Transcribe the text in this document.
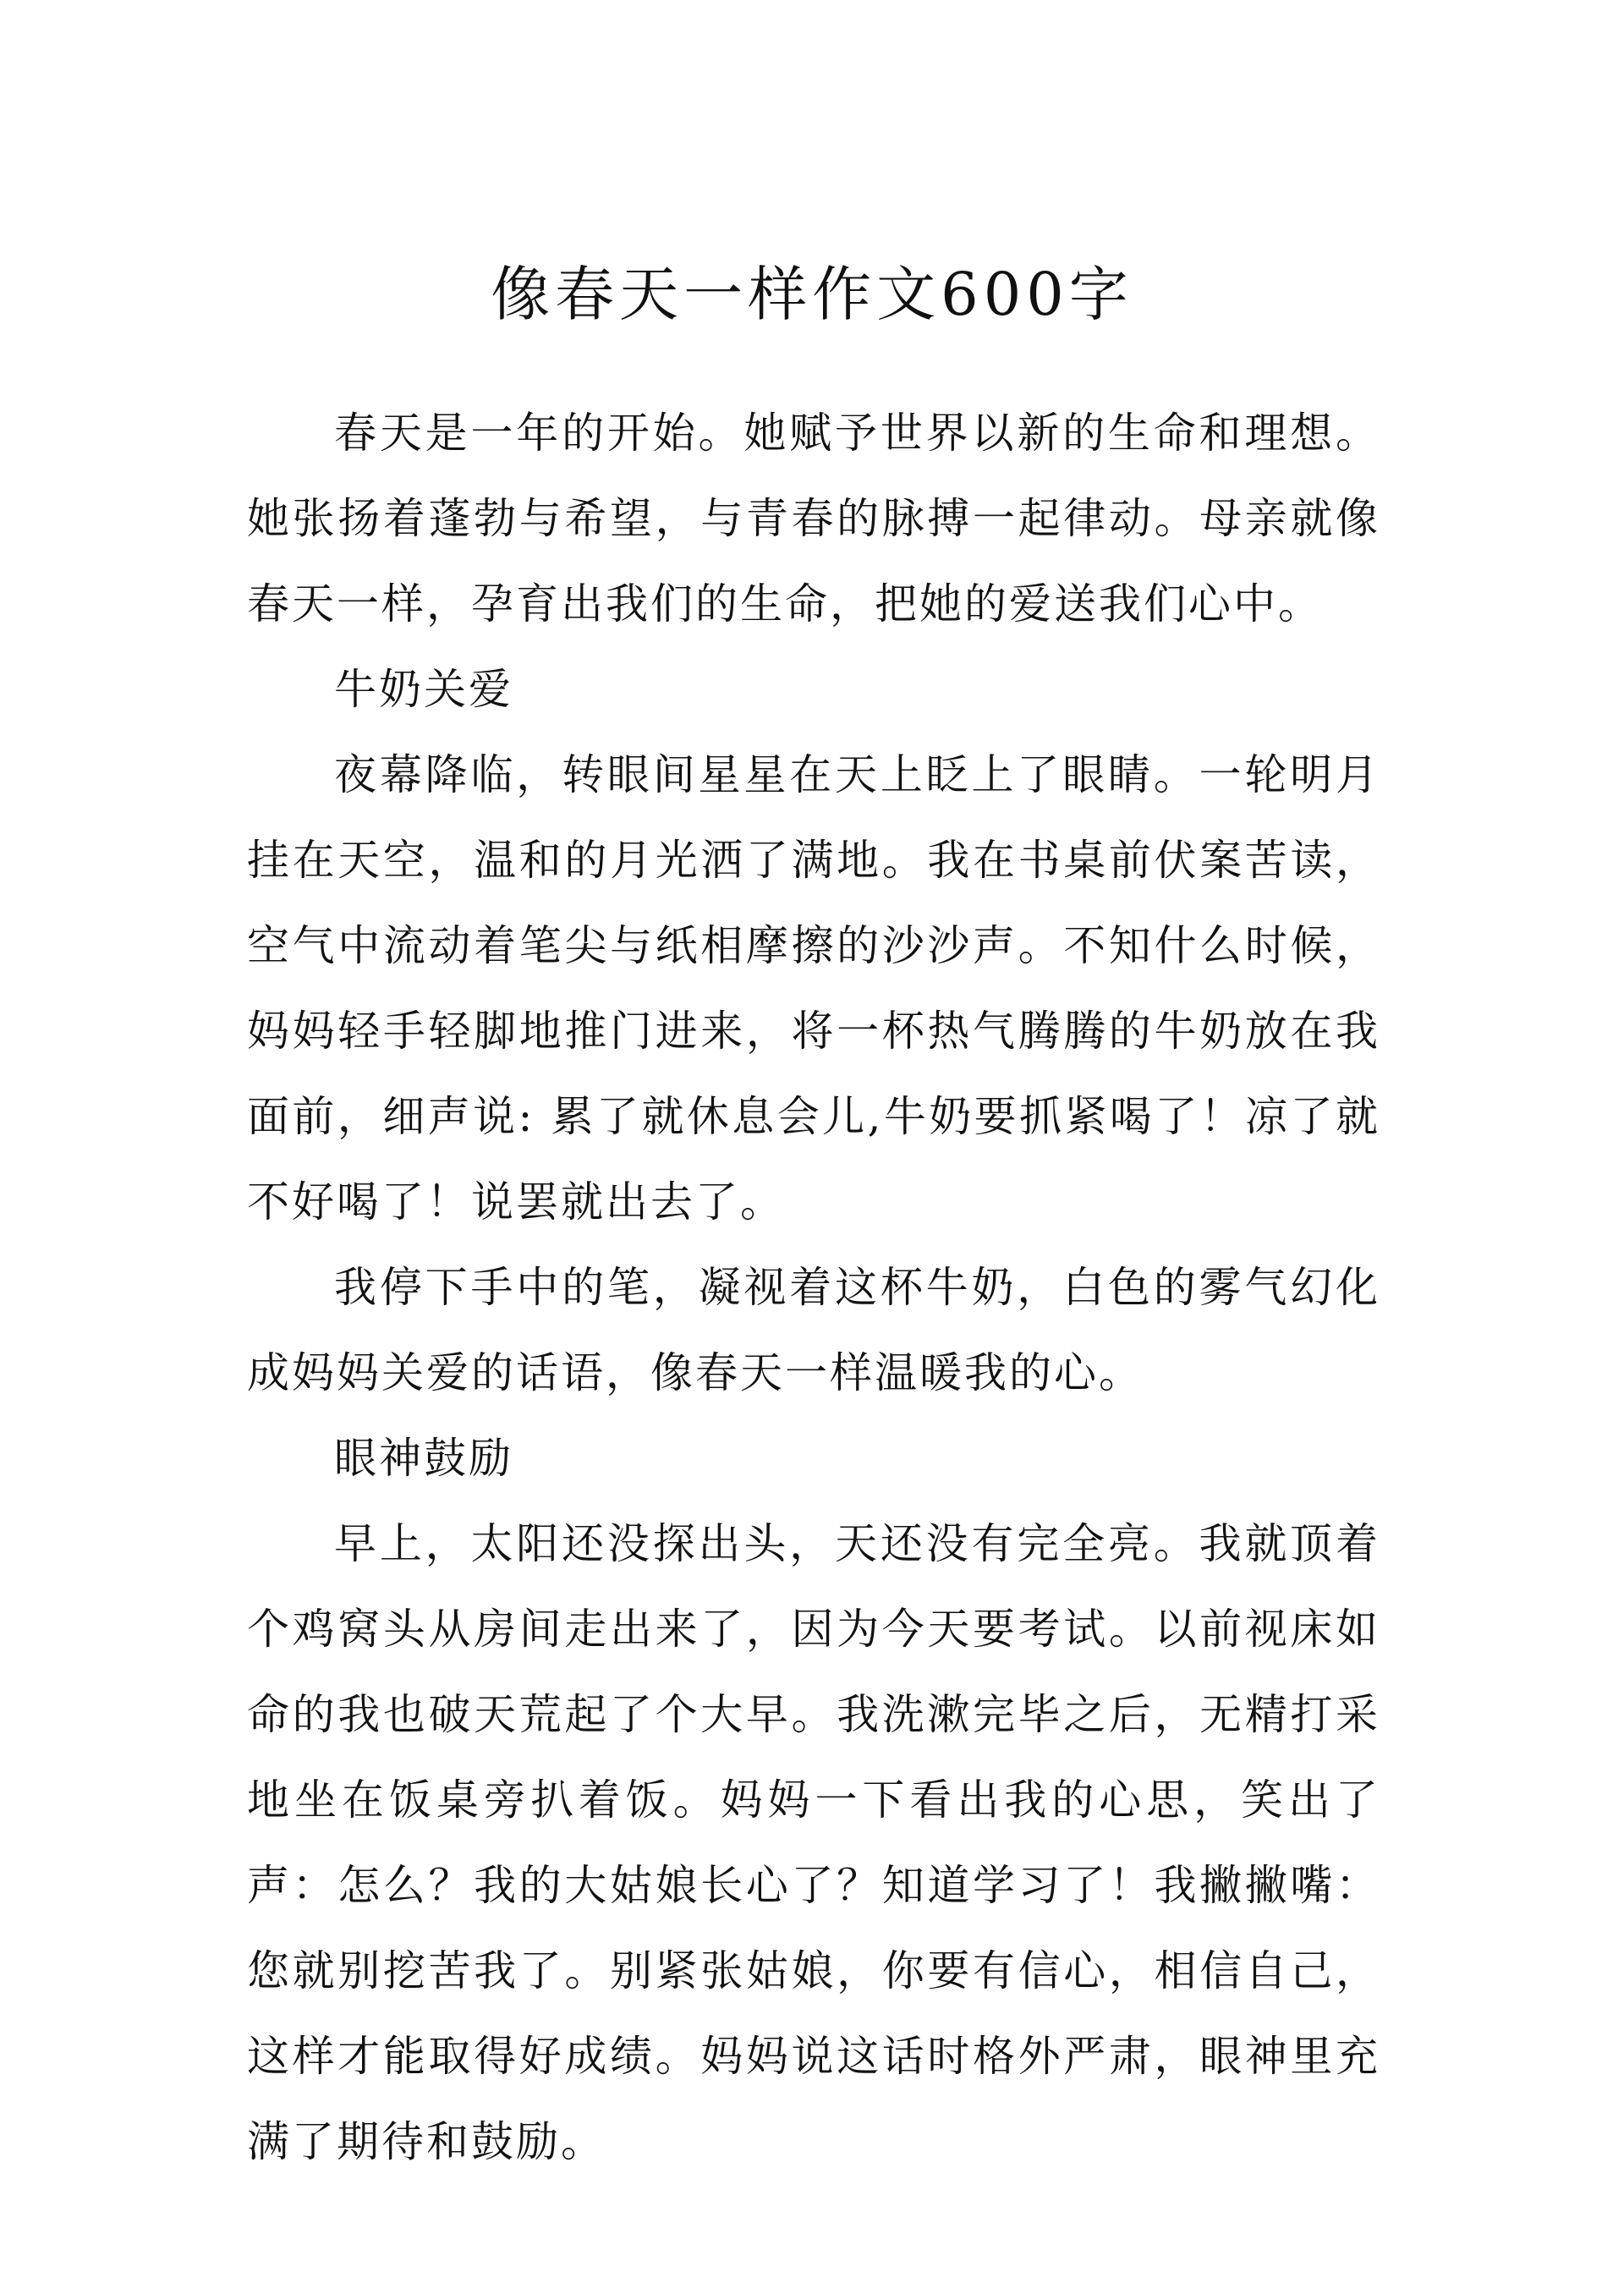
像春天一样作文600字

春天是一年的开始。她赋予世界以新的生命和理想。她张扬着蓬勃与希望，与青春的脉搏一起律动。母亲就像春天一样，孕育出我们的生命，把她的爱送我们心中。

牛奶关爱

夜幕降临，转眼间星星在天上眨上了眼睛。一轮明月挂在天空，温和的月光洒了满地。我在书桌前伏案苦读，空气中流动着笔尖与纸相摩擦的沙沙声。不知什么时候，妈妈轻手轻脚地推门进来，将一杯热气腾腾的牛奶放在我面前，细声说: 累了就休息会儿,牛奶要抓紧喝了！凉了就不好喝了！说罢就出去了。

我停下手中的笔，凝视着这杯牛奶，白色的雾气幻化成妈妈关爱的话语，像春天一样温暖我的心。

眼神鼓励

早上，太阳还没探出头，天还没有完全亮。我就顶着个鸡窝头从房间走出来了，因为今天要考试。以前视床如命的我也破天荒起了个大早。我洗漱完毕之后，无精打采地坐在饭桌旁扒着饭。妈妈一下看出我的心思，笑出了声：怎么？我的大姑娘长心了？知道学习了！我撇撇嘴：您就别挖苦我了。别紧张姑娘，你要有信心，相信自己，这样才能取得好成绩。妈妈说这话时格外严肃，眼神里充满了期待和鼓励。
